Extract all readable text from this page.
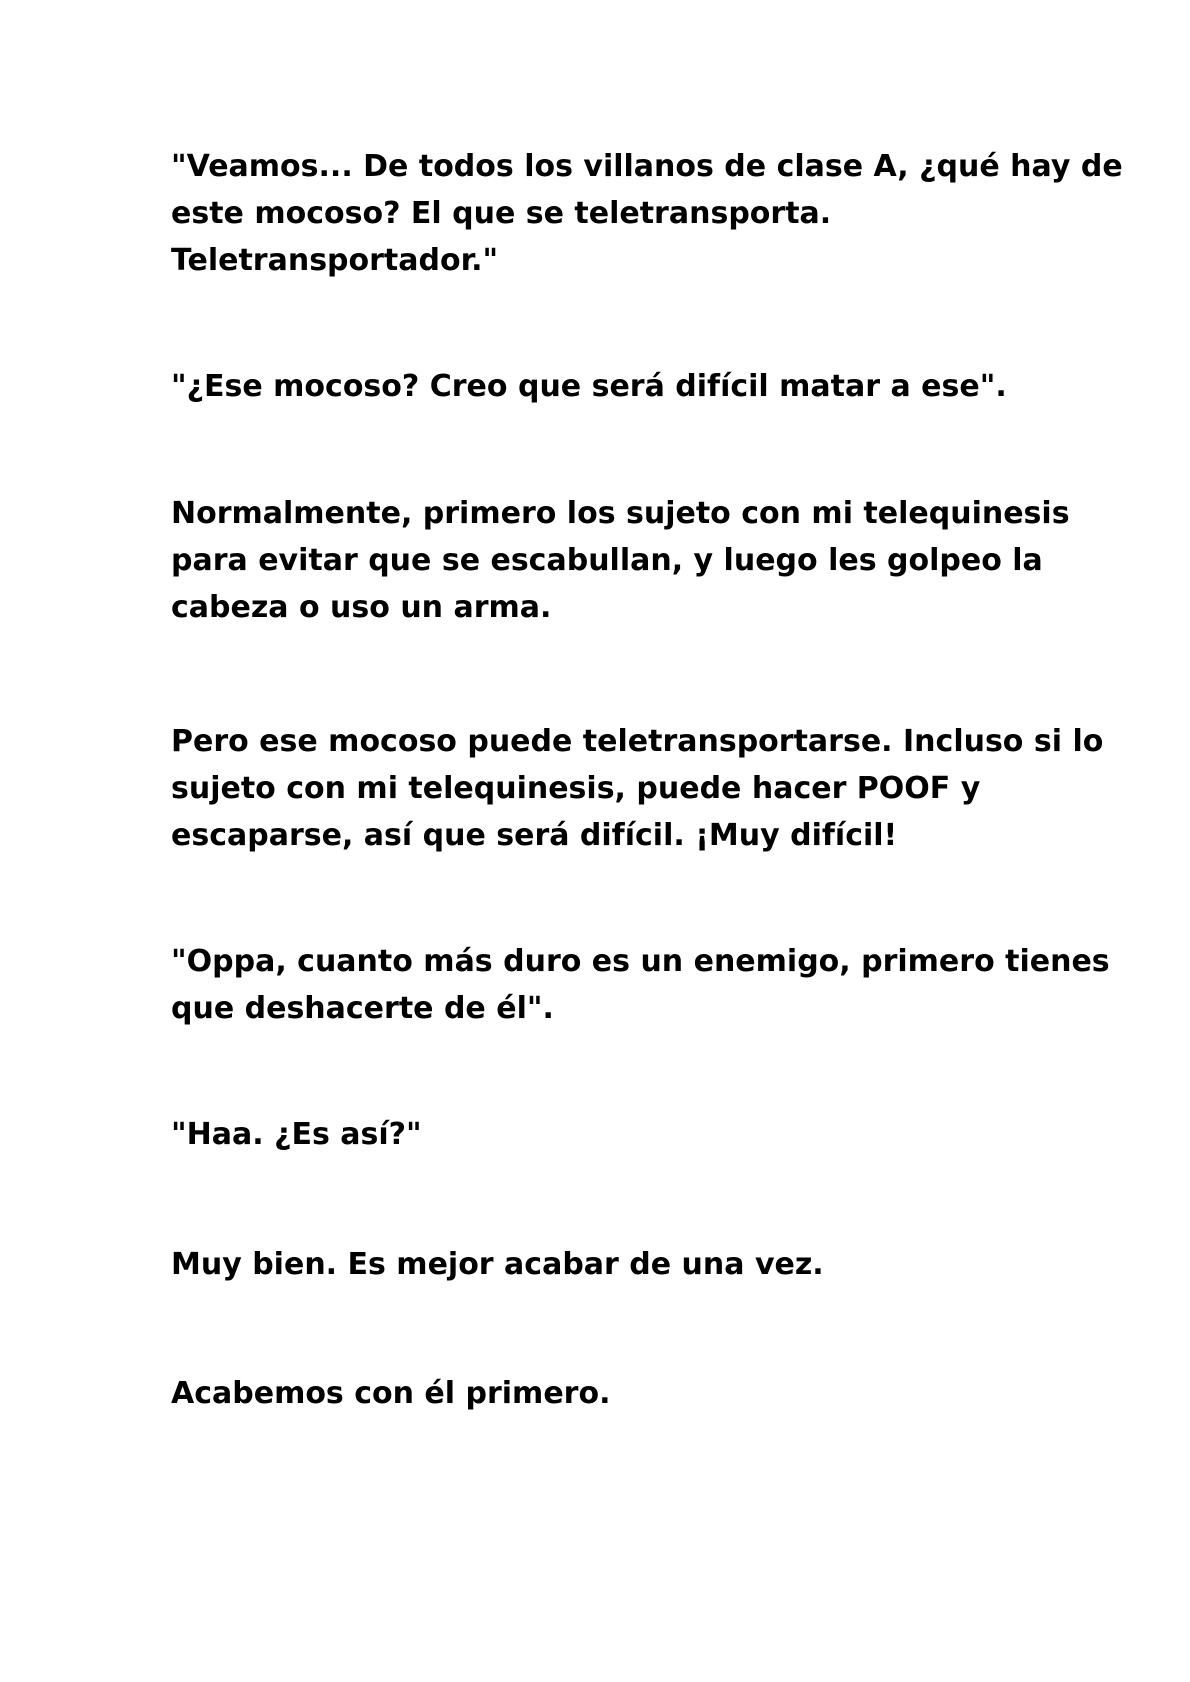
"Veamos... De todos los villanos de clase A, ¿qué hay de
este mocoso? El que se teletransporta.
Teletransportador."

"¿Ese mocoso? Creo que será difícil matar a ese".

Normalmente, primero los sujeto con mi telequinesis
para evitar que se escabullan, y luego les golpeo la
cabeza o uso un arma.

Pero ese mocoso puede teletransportarse. Incluso si lo
sujeto con mi telequinesis, puede hacer POOF y
escaparse, así que será difícil. ¡Muy difícil!

"Oppa, cuanto más duro es un enemigo, primero tienes
que deshacerte de él".

"Haa. ¿Es así?"

Muy bien. Es mejor acabar de una vez.

Acabemos con él primero.
